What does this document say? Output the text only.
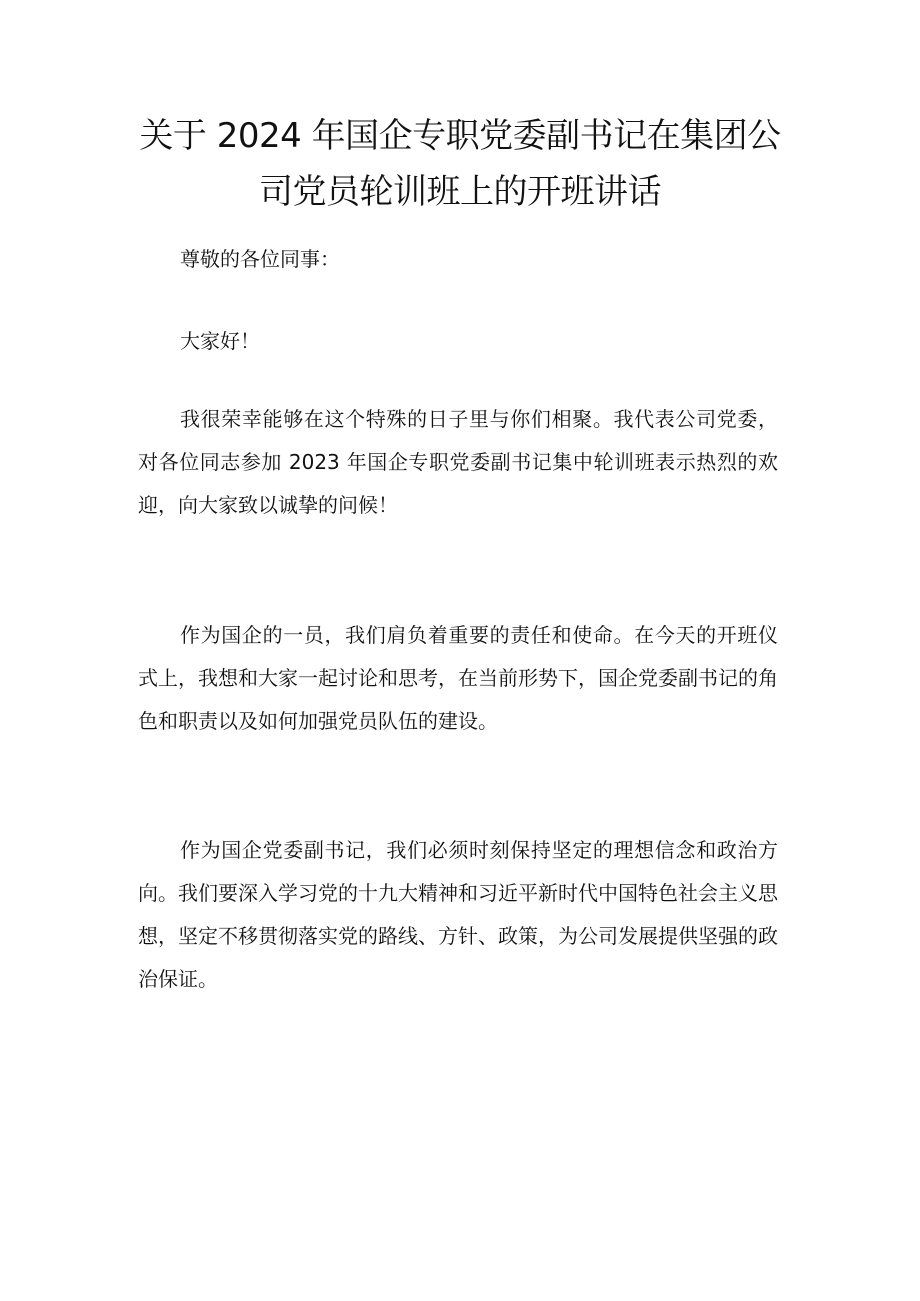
关于 2024 年国企专职党委副书记在集团公
司党员轮训班上的开班讲话

尊敬的各位同事：

大家好！

我很荣幸能够在这个特殊的日子里与你们相聚。我代表公司党委，对各位同志参加 2023 年国企专职党委副书记集中轮训班表示热烈的欢迎，向大家致以诚挚的问候！

作为国企的一员，我们肩负着重要的责任和使命。在今天的开班仪式上，我想和大家一起讨论和思考，在当前形势下，国企党委副书记的角色和职责以及如何加强党员队伍的建设。

作为国企党委副书记，我们必须时刻保持坚定的理想信念和政治方向。我们要深入学习党的十九大精神和习近平新时代中国特色社会主义思想，坚定不移贯彻落实党的路线、方针、政策，为公司发展提供坚强的政治保证。
